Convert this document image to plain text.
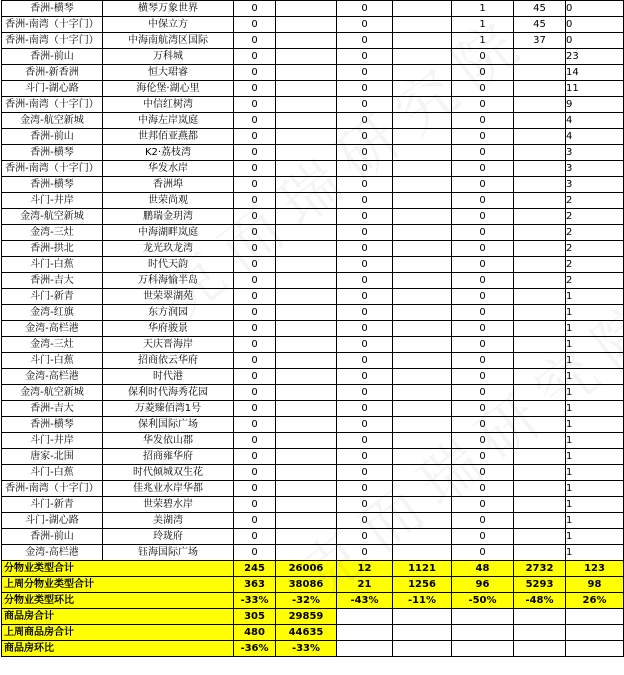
香洲-横琴	横琴万象世界	0		0		1	45	0
香洲-南湾（十字门）	中保立方	0		0		1	45	0
香洲-南湾（十字门）	中海南航湾区国际	0		0		1	37	0
香洲-前山	万科城	0		0		0		23
香洲-新香洲	恒大珺睿	0		0		0		14
斗门-湖心路	海伦堡·湖心里	0		0		0		11
香洲-南湾（十字门）	中信红树湾	0		0		0		9
金湾-航空新城	中海左岸岚庭	0		0		0		4
香洲-前山	世邦佰亚燕都	0		0		0		4
香洲-横琴	K2·荔枝湾	0		0		0		3
香洲-南湾（十字门）	华发水岸	0		0		0		3
香洲-横琴	香洲埠	0		0		0		3
斗门-井岸	世荣尚观	0		0		0		2
金湾-航空新城	鹏瑞金玥湾	0		0		0		2
金湾-三灶	中海湖畔岚庭	0		0		0		2
香洲-拱北	龙光玖龙湾	0		0		0		2
斗门-白蕉	时代天韵	0		0		0		2
香洲-吉大	万科海愉半岛	0		0		0		2
斗门-新青	世荣翠湖苑	0		0		0		1
金湾-红旗	东方润园	0		0		0		1
金湾-高栏港	华府骏景	0		0		0		1
金湾-三灶	天庆晋海岸	0		0		0		1
斗门-白蕉	招商依云华府	0		0		0		1
金湾-高栏港	时代港	0		0		0		1
金湾-航空新城	保利时代海秀花园	0		0		0		1
香洲-吉大	万菱臻佰湾1号	0		0		0		1
香洲-横琴	保利国际广场	0		0		0		1
斗门-井岸	华发依山郡	0		0		0		1
唐家-北围	招商雍华府	0		0		0		1
斗门-白蕉	时代倾城双生花	0		0		0		1
香洲-南湾（十字门）	佳兆业水岸华都	0		0		0		1
斗门-新青	世荣碧水岸	0		0		0		1
斗门-湖心路	美湖湾	0		0		0		1
香洲-前山	玲珑府	0		0		0		1
金湾-高栏港	钰海国际广场	0		0		0		1
分物业类型合计		245	26006	12	1121	48	2732	123
上周分物业类型合计		363	38086	21	1256	96	5293	98
分物业类型环比		-33%	-32%	-43%	-11%	-50%	-48%	26%
商品房合计		305	29859					
上周商品房合计		480	44635					
商品房环比		-36%	-33%					
